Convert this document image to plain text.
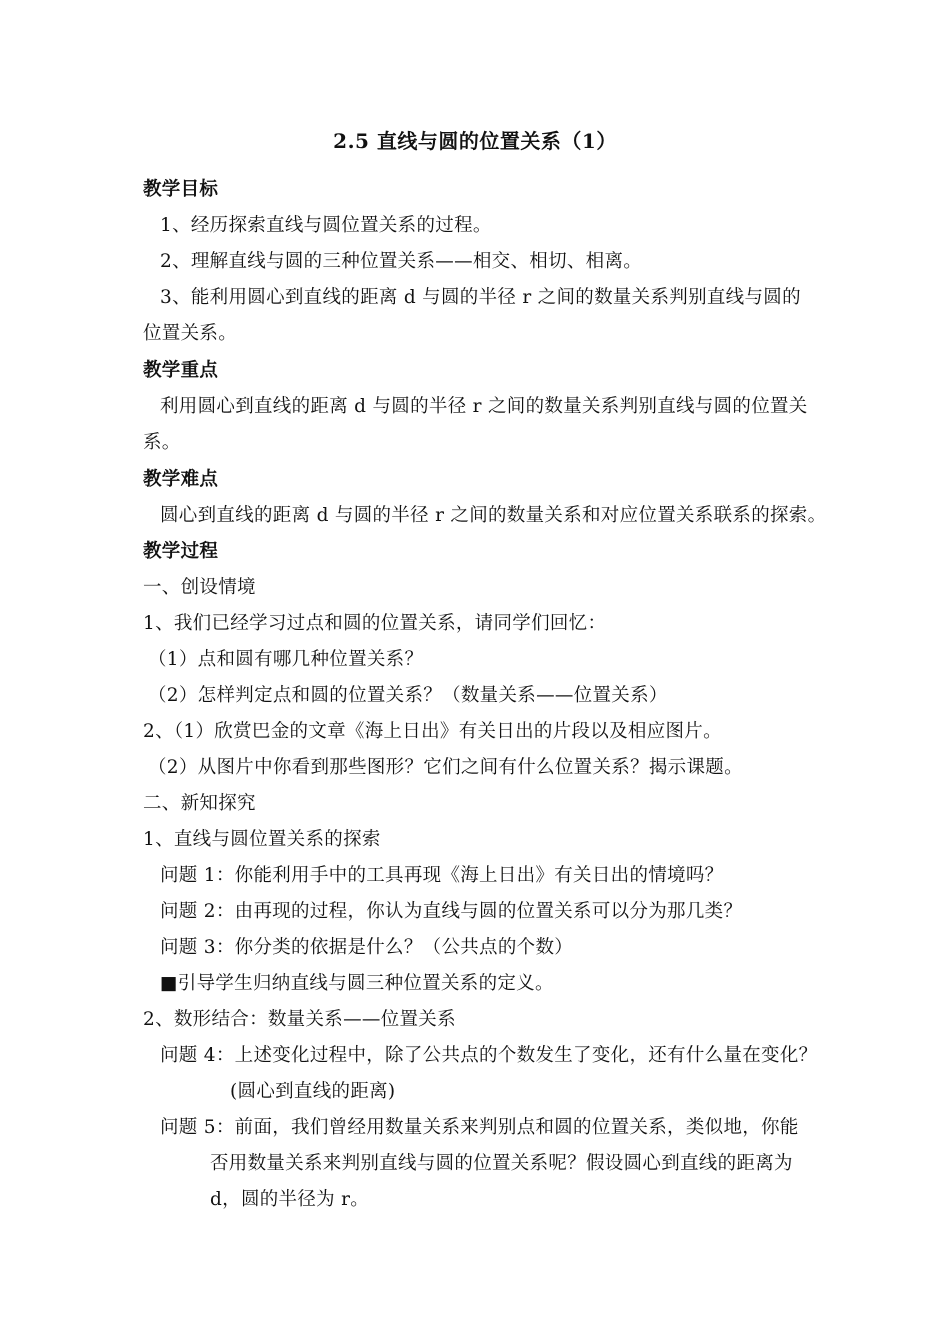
2.5 直线与圆的位置关系（1）
教学目标
1、经历探索直线与圆位置关系的过程。
2、理解直线与圆的三种位置关系——相交、相切、相离。
3、能利用圆心到直线的距离 d 与圆的半径 r 之间的数量关系判别直线与圆的
位置关系。
教学重点
利用圆心到直线的距离 d 与圆的半径 r 之间的数量关系判别直线与圆的位置关
系。
教学难点
圆心到直线的距离 d 与圆的半径 r 之间的数量关系和对应位置关系联系的探索。
教学过程
一、创设情境
1、我们已经学习过点和圆的位置关系，请同学们回忆：
（1）点和圆有哪几种位置关系？
（2）怎样判定点和圆的位置关系？（数量关系——位置关系）
2、（1）欣赏巴金的文章《海上日出》有关日出的片段以及相应图片。
（2）从图片中你看到那些图形？它们之间有什么位置关系？揭示课题。
二、新知探究
1、直线与圆位置关系的探索
问题 1：你能利用手中的工具再现《海上日出》有关日出的情境吗？
问题 2：由再现的过程，你认为直线与圆的位置关系可以分为那几类？
问题 3：你分类的依据是什么？（公共点的个数）
■引导学生归纳直线与圆三种位置关系的定义。
2、数形结合：数量关系——位置关系
问题 4：上述变化过程中，除了公共点的个数发生了变化，还有什么量在变化？
(圆心到直线的距离)
问题 5：前面，我们曾经用数量关系来判别点和圆的位置关系，类似地，你能
否用数量关系来判别直线与圆的位置关系呢？假设圆心到直线的距离为
d，圆的半径为 r。
